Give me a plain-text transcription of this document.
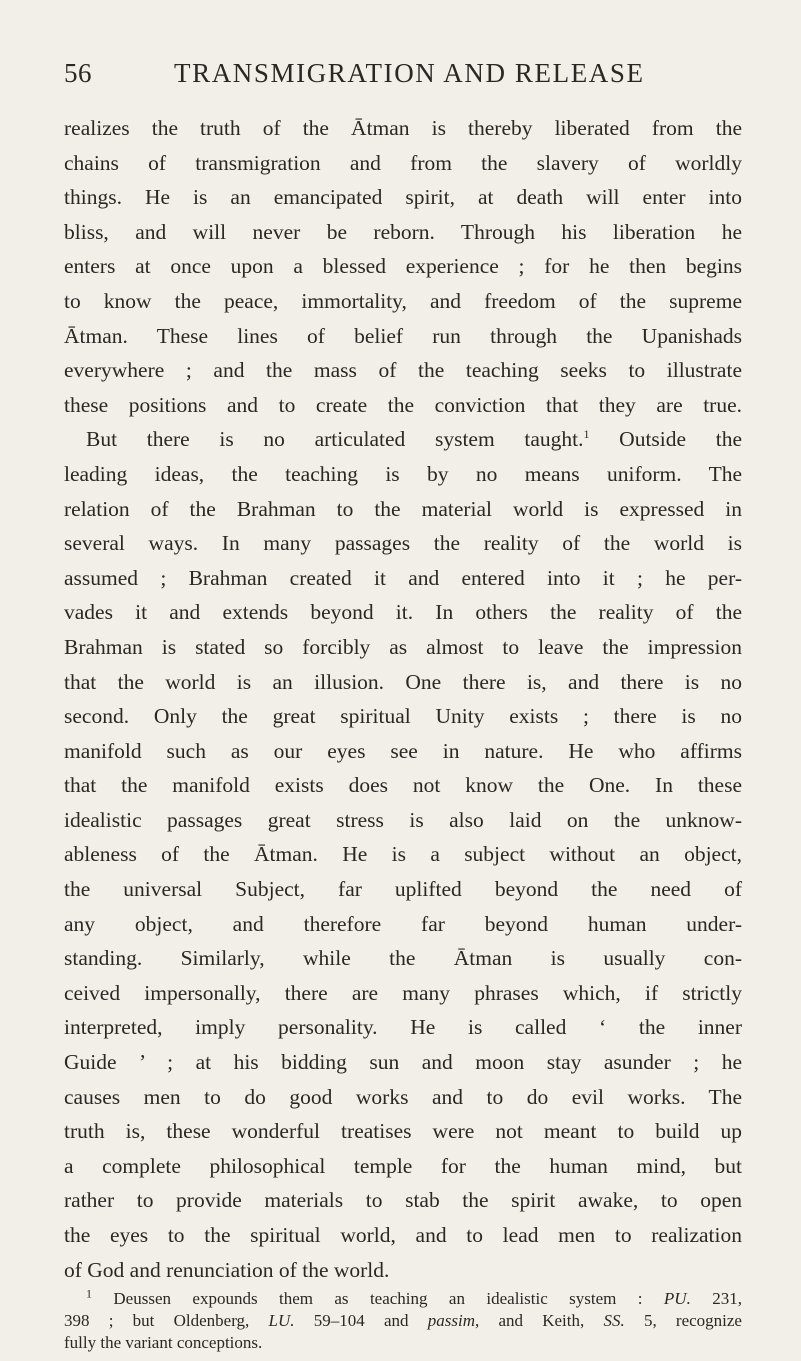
56	TRANSMIGRATION AND RELEASE
realizes the truth of the Ātman is thereby liberated from the
chains of transmigration and from the slavery of worldly
things. He is an emancipated spirit, at death will enter into
bliss, and will never be reborn. Through his liberation he
enters at once upon a blessed experience ; for he then begins
to know the peace, immortality, and freedom of the supreme
Ātman. These lines of belief run through the Upanishads
everywhere ; and the mass of the teaching seeks to illustrate
these positions and to create the conviction that they are true.
But there is no articulated system taught.$^1$ Outside the
leading ideas, the teaching is by no means uniform. The
relation of the Brahman to the material world is expressed in
several ways. In many passages the reality of the world is
assumed ; Brahman created it and entered into it ; he per-
vades it and extends beyond it. In others the reality of the
Brahman is stated so forcibly as almost to leave the impression
that the world is an illusion. One there is, and there is no
second. Only the great spiritual Unity exists ; there is no
manifold such as our eyes see in nature. He who affirms
that the manifold exists does not know the One. In these
idealistic passages great stress is also laid on the unknow-
ableness of the Ātman. He is a subject without an object,
the universal Subject, far uplifted beyond the need of
any object, and therefore far beyond human under-
standing. Similarly, while the Ātman is usually con-
ceived impersonally, there are many phrases which, if strictly
interpreted, imply personality. He is called ‘ the inner
Guide ’ ; at his bidding sun and moon stay asunder ; he
causes men to do good works and to do evil works. The
truth is, these wonderful treatises were not meant to build up
a complete philosophical temple for the human mind, but
rather to provide materials to stab the spirit awake, to open
the eyes to the spiritual world, and to lead men to realization
of God and renunciation of the world.
$^1$ Deussen expounds them as teaching an idealistic system : PU. 231,
398 ; but Oldenberg, LU. 59–104 and passim, and Keith, SS. 5, recognize
fully the variant conceptions.
